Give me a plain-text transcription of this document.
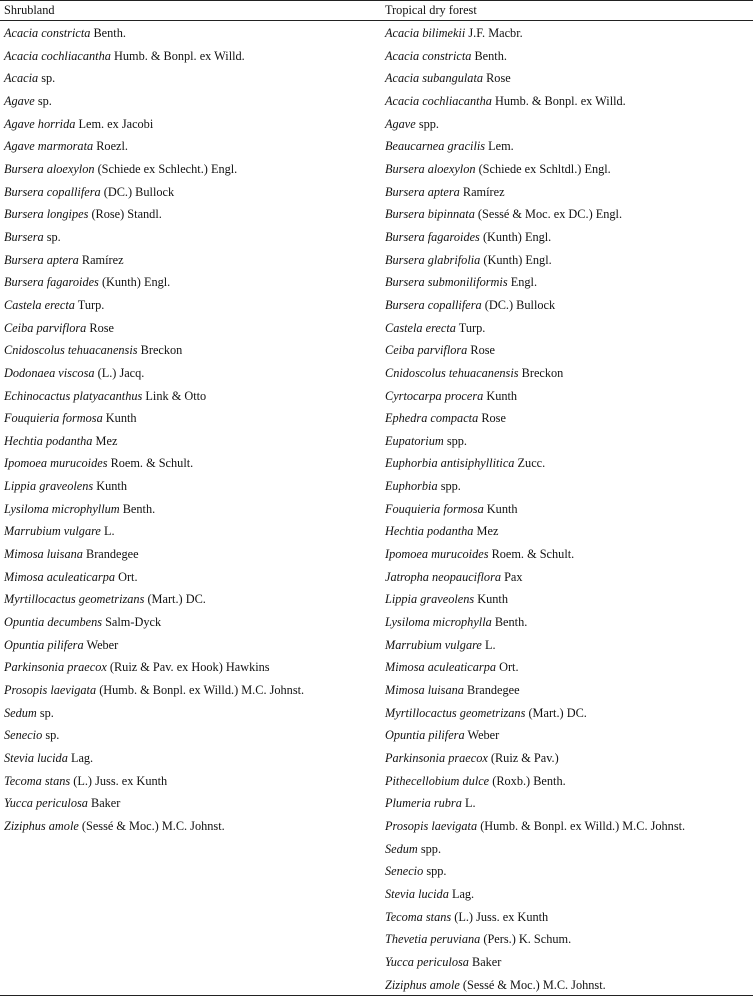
Shrubland	Tropical dry forest
Acacia constricta Benth.
Acacia cochliacantha Humb. & Bonpl. ex Willd.
Acacia sp.
Agave sp.
Agave horrida Lem. ex Jacobi
Agave marmorata Roezl.
Bursera aloexylon (Schiede ex Schlecht.) Engl.
Bursera copallifera (DC.) Bullock
Bursera longipes (Rose) Standl.
Bursera sp.
Bursera aptera Ramírez
Bursera fagaroides (Kunth) Engl.
Castela erecta Turp.
Ceiba parviflora Rose
Cnidoscolus tehuacanensis Breckon
Dodonaea viscosa (L.) Jacq.
Echinocactus platyacanthus Link & Otto
Fouquieria formosa Kunth
Hechtia podantha Mez
Ipomoea murucoides Roem. & Schult.
Lippia graveolens Kunth
Lysiloma microphyllum Benth.
Marrubium vulgare L.
Mimosa luisana Brandegee
Mimosa aculeaticarpa Ort.
Myrtillocactus geometrizans (Mart.) DC.
Opuntia decumbens Salm-Dyck
Opuntia pilifera Weber
Parkinsonia praecox (Ruiz & Pav. ex Hook) Hawkins
Prosopis laevigata (Humb. & Bonpl. ex Willd.) M.C. Johnst.
Sedum sp.
Senecio sp.
Stevia lucida Lag.
Tecoma stans (L.) Juss. ex Kunth
Yucca periculosa Baker
Ziziphus amole (Sessé & Moc.) M.C. Johnst.
Acacia bilimekii J.F. Macbr.
Acacia constricta Benth.
Acacia subangulata Rose
Acacia cochliacantha Humb. & Bonpl. ex Willd.
Agave spp.
Beaucarnea gracilis Lem.
Bursera aloexylon (Schiede ex Schltdl.) Engl.
Bursera aptera Ramírez
Bursera bipinnata (Sessé & Moc. ex DC.) Engl.
Bursera fagaroides (Kunth) Engl.
Bursera glabrifolia (Kunth) Engl.
Bursera submoniliformis Engl.
Bursera copallifera (DC.) Bullock
Castela erecta Turp.
Ceiba parviflora Rose
Cnidoscolus tehuacanensis Breckon
Cyrtocarpa procera Kunth
Ephedra compacta Rose
Eupatorium spp.
Euphorbia antisiphyllitica Zucc.
Euphorbia spp.
Fouquieria formosa Kunth
Hechtia podantha Mez
Ipomoea murucoides Roem. & Schult.
Jatropha neopauciflora Pax
Lippia graveolens Kunth
Lysiloma microphylla Benth.
Marrubium vulgare L.
Mimosa aculeaticarpa Ort.
Mimosa luisana Brandegee
Myrtillocactus geometrizans (Mart.) DC.
Opuntia pilifera Weber
Parkinsonia praecox (Ruiz & Pav.)
Pithecellobium dulce (Roxb.) Benth.
Plumeria rubra L.
Prosopis laevigata (Humb. & Bonpl. ex Willd.) M.C. Johnst.
Sedum spp.
Senecio spp.
Stevia lucida Lag.
Tecoma stans (L.) Juss. ex Kunth
Thevetia peruviana (Pers.) K. Schum.
Yucca periculosa Baker
Ziziphus amole (Sessé & Moc.) M.C. Johnst.
